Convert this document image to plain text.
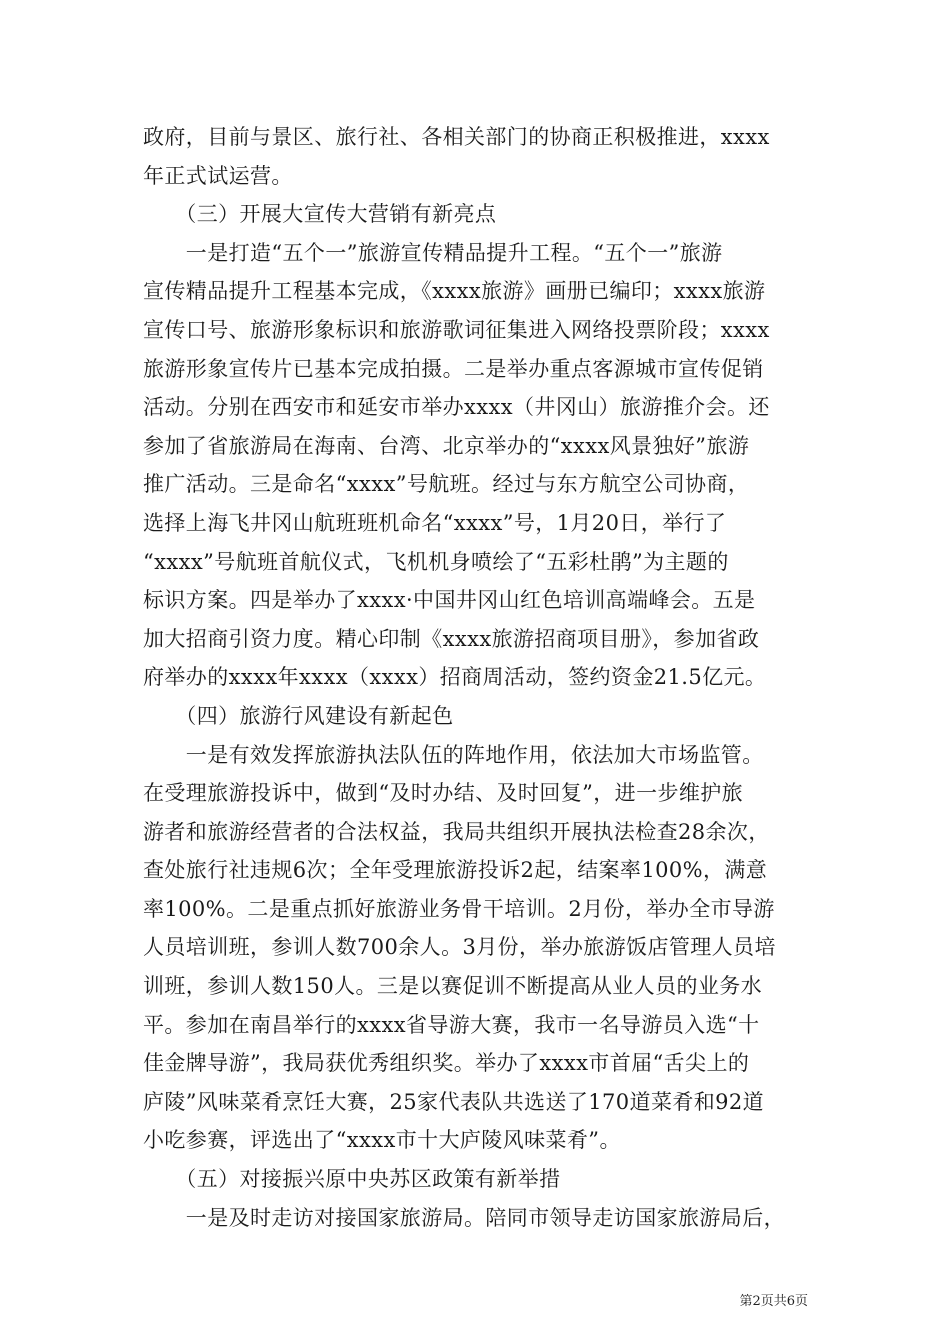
政府，目前与景区、旅行社、各相关部门的协商正积极推进，xxxx
年正式试运营。
　　（三）开展大宣传大营销有新亮点
　　一是打造“五个一”旅游宣传精品提升工程。“五个一”旅游
宣传精品提升工程基本完成，《xxxx旅游》画册已编印；xxxx旅游
宣传口号、旅游形象标识和旅游歌词征集进入网络投票阶段；xxxx
旅游形象宣传片已基本完成拍摄。二是举办重点客源城市宣传促销
活动。分别在西安市和延安市举办xxxx（井冈山）旅游推介会。还
参加了省旅游局在海南、台湾、北京举办的“xxxx风景独好”旅游
推广活动。三是命名“xxxx”号航班。经过与东方航空公司协商，
选择上海飞井冈山航班班机命名“xxxx”号，1月20日，举行了
“xxxx”号航班首航仪式，飞机机身喷绘了“五彩杜鹃”为主题的
标识方案。四是举办了xxxx·中国井冈山红色培训高端峰会。五是
加大招商引资力度。精心印制《xxxx旅游招商项目册》，参加省政
府举办的xxxx年xxxx（xxxx）招商周活动，签约资金21.5亿元。
　　（四）旅游行风建设有新起色
　　一是有效发挥旅游执法队伍的阵地作用，依法加大市场监管。
在受理旅游投诉中，做到“及时办结、及时回复”，进一步维护旅
游者和旅游经营者的合法权益，我局共组织开展执法检查28余次，
查处旅行社违规6次；全年受理旅游投诉2起，结案率100%，满意
率100%。二是重点抓好旅游业务骨干培训。2月份，举办全市导游
人员培训班，参训人数700余人。3月份，举办旅游饭店管理人员培
训班，参训人数150人。三是以赛促训不断提高从业人员的业务水
平。参加在南昌举行的xxxx省导游大赛，我市一名导游员入选“十
佳金牌导游”，我局获优秀组织奖。举办了xxxx市首届“舌尖上的
庐陵”风味菜肴烹饪大赛，25家代表队共选送了170道菜肴和92道
小吃参赛，评选出了“xxxx市十大庐陵风味菜肴”。
　　（五）对接振兴原中央苏区政策有新举措
　　一是及时走访对接国家旅游局。陪同市领导走访国家旅游局后，
第2页共6页
